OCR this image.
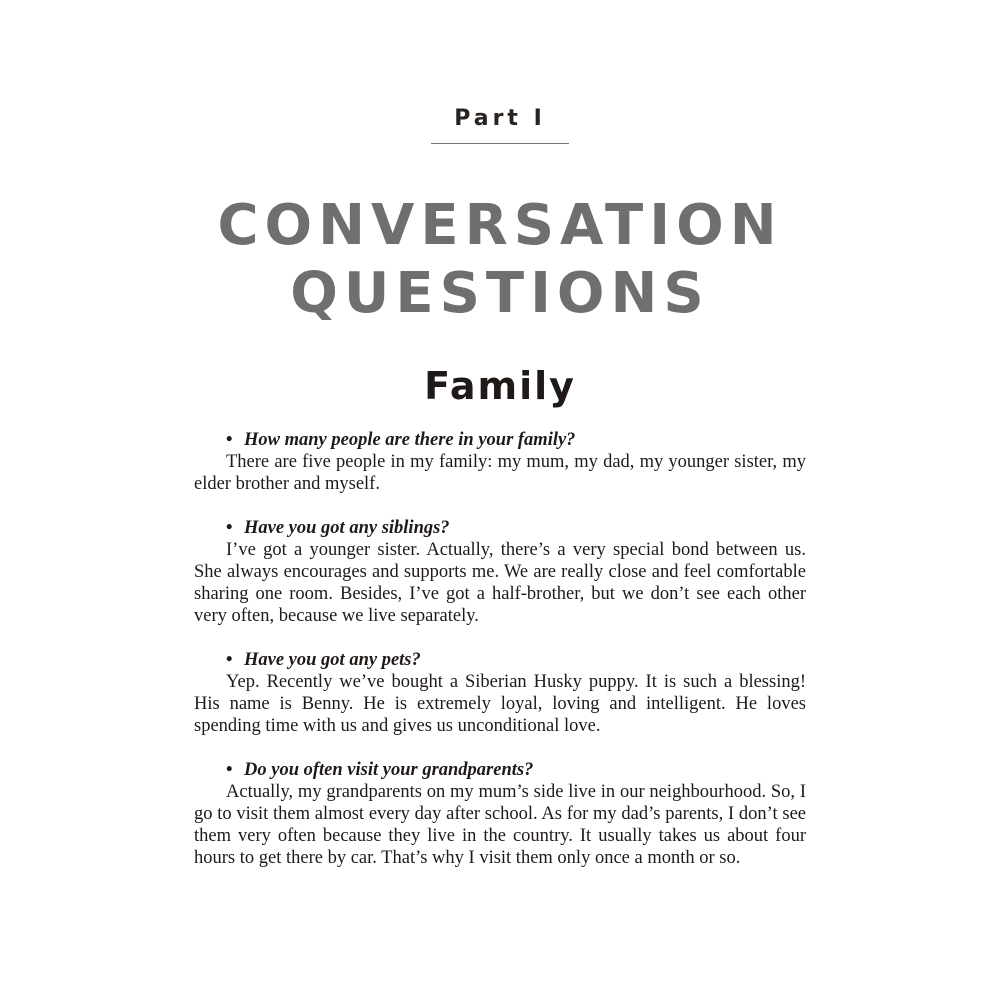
Part I
CONVERSATION
QUESTIONS
Family
• How many people are there in your family?

There are five people in my family: my mum, my dad, my younger sister, my elder brother and myself.

• Have you got any siblings?

I’ve got a younger sister. Actually, there’s a very special bond between us. She always encourages and supports me. We are really close and feel comfortable sharing one room. Besides, I’ve got a half-brother, but we don’t see each other very often, because we live separately.

• Have you got any pets?

Yep. Recently we’ve bought a Siberian Husky puppy. It is such a blessing! His name is Benny. He is extremely loyal, loving and intelligent. He loves spending time with us and gives us unconditional love.

• Do you often visit your grandparents?

Actually, my grandparents on my mum’s side live in our neighbourhood. So, I go to visit them almost every day after school. As for my dad’s parents, I don’t see them very often because they live in the country. It usually takes us about four hours to get there by car. That’s why I visit them only once a month or so.
